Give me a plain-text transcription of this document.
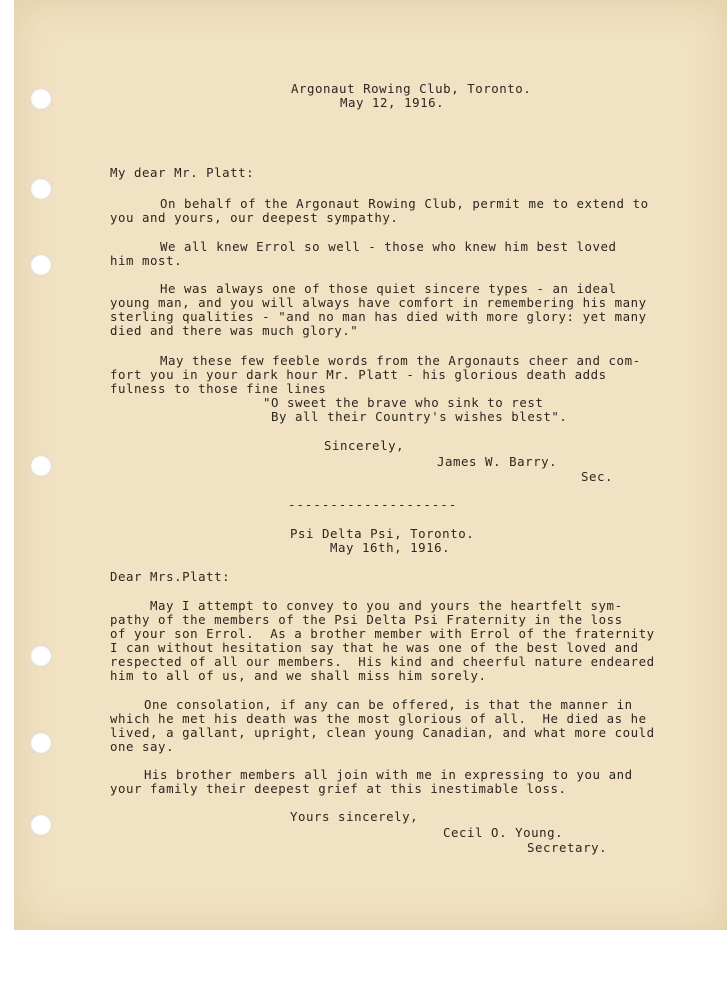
Argonaut Rowing Club, Toronto.
May 12, 1916.
My dear Mr. Platt:
On behalf of the Argonaut Rowing Club, permit me to extend to
you and yours, our deepest sympathy.
We all knew Errol so well - those who knew him best loved
him most.
He was always one of those quiet sincere types - an ideal
young man, and you will always have comfort in remembering his many
sterling qualities - "and no man has died with more glory: yet many
died and there was much glory."
May these few feeble words from the Argonauts cheer and com-
fort you in your dark hour Mr. Platt - his glorious death adds
fulness to those fine lines
"O sweet the brave who sink to rest
By all their Country's wishes blest".
Sincerely,
James W. Barry.
Sec.
--------------------
Psi Delta Psi, Toronto.
May 16th, 1916.
Dear Mrs.Platt:
May I attempt to convey to you and yours the heartfelt sym-
pathy of the members of the Psi Delta Psi Fraternity in the loss
of your son Errol.  As a brother member with Errol of the fraternity
I can without hesitation say that he was one of the best loved and
respected of all our members.  His kind and cheerful nature endeared
him to all of us, and we shall miss him sorely.
One consolation, if any can be offered, is that the manner in
which he met his death was the most glorious of all.  He died as he
lived, a gallant, upright, clean young Canadian, and what more could
one say.
His brother members all join with me in expressing to you and
your family their deepest grief at this inestimable loss.
Yours sincerely,
Cecil O. Young.
Secretary.
